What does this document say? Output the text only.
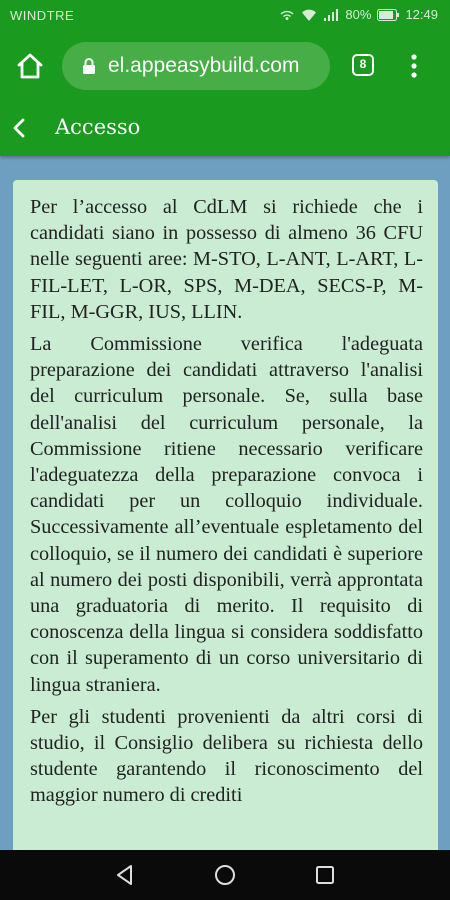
WINDTRE	80%	12:49
el.appeasybuild.com	8
Accesso

Per l’accesso al CdLM si richiede che i candidati siano in possesso di almeno 36 CFU nelle seguenti aree: M-STO, L-ANT, L-ART, L-FIL-LET, L-OR, SPS, M-DEA, SECS-P, M-FIL, M-GGR, IUS, LLIN.

La Commissione verifica l'adeguata preparazione dei candidati attraverso l'analisi del curriculum personale. Se, sulla base dell'analisi del curriculum personale, la Commissione ritiene necessario verificare l'adeguatezza della preparazione convoca i candidati per un colloquio individuale. Successivamente all’eventuale espletamento del colloquio, se il numero dei candidati è superiore al numero dei posti disponibili, verrà approntata una graduatoria di merito. Il requisito di conoscenza della lingua si considera soddisfatto con il superamento di un corso universitario di lingua straniera.

Per gli studenti provenienti da altri corsi di studio, il Consiglio delibera su richiesta dello studente garantendo il riconoscimento del maggior numero di crediti
